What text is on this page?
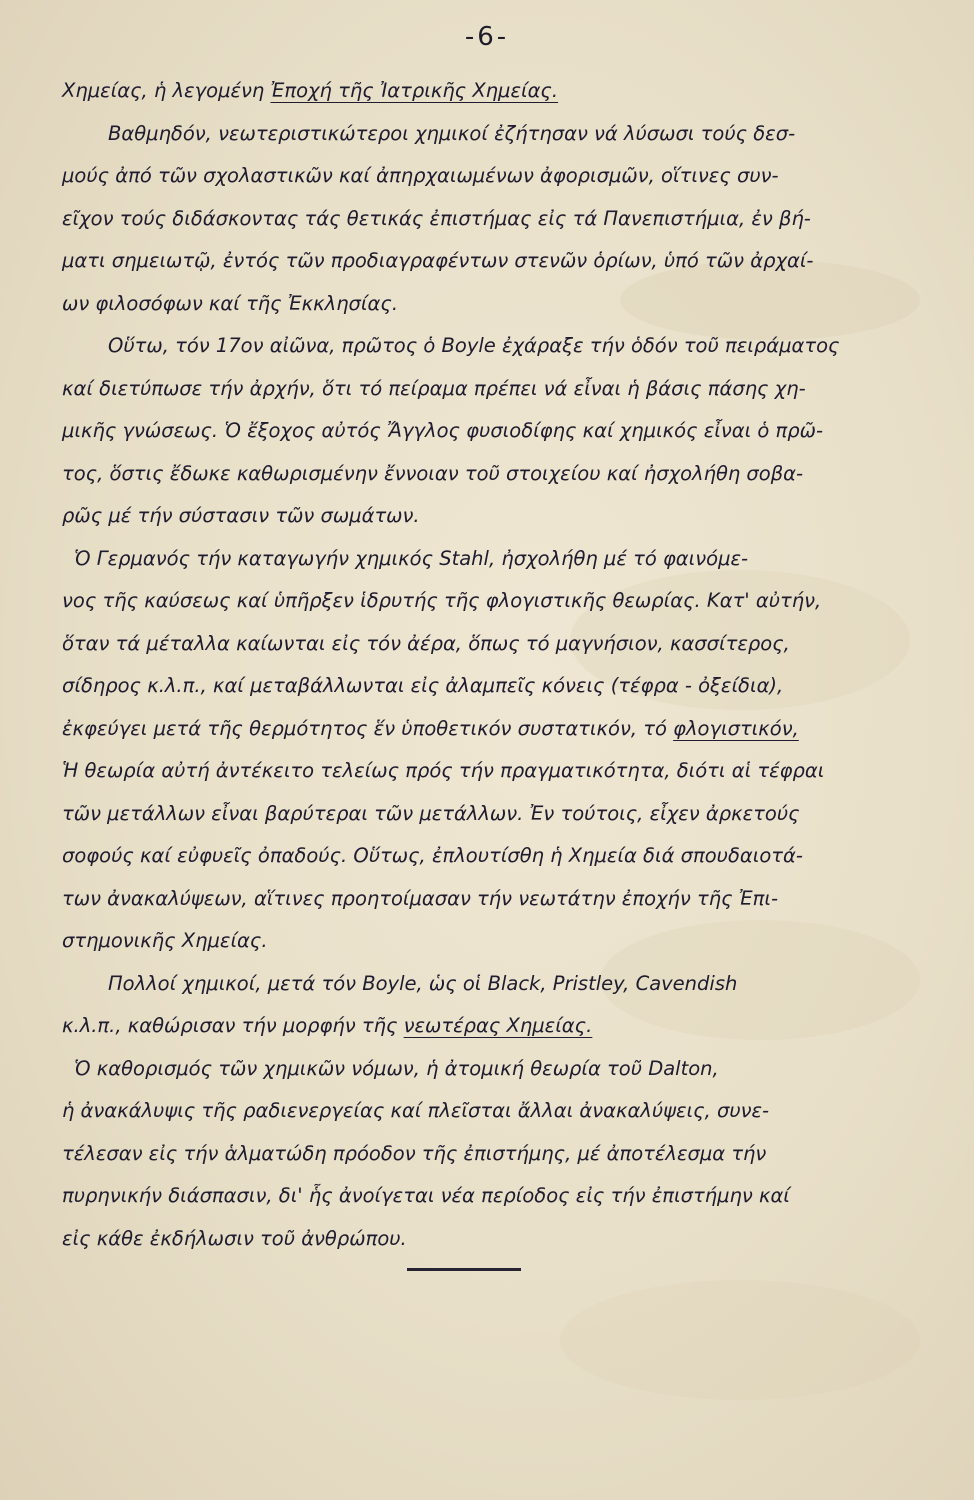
-6-
Χημείας, ἡ λεγομένη Ἐποχή τῆς Ἰατρικῆς Χημείας.
Βαθμηδόν, νεωτεριστικώτεροι χημικοί ἐζήτησαν νά λύσωσι τούς δεσ-
μούς ἀπό τῶν σχολαστικῶν καί ἀπηρχαιωμένων ἀφορισμῶν, οἵτινες συν-
εῖχον τούς διδάσκοντας τάς θετικάς ἐπιστήμας εἰς τά Πανεπιστήμια, ἐν βή-
ματι σημειωτῷ, ἐντός τῶν προδιαγραφέντων στενῶν ὁρίων, ὑπό τῶν ἀρχαί-
ων φιλοσόφων καί τῆς Ἐκκλησίας.
Οὕτω, τόν 17ον αἰῶνα, πρῶτος ὁ Boyle ἐχάραξε τήν ὁδόν τοῦ πειράματος
καί διετύπωσε τήν ἀρχήν, ὅτι τό πείραμα πρέπει νά εἶναι ἡ βάσις πάσης χη-
μικῆς γνώσεως. Ὁ ἔξοχος αὐτός Ἄγγλος φυσιοδίφης καί χημικός εἶναι ὁ πρῶ-
τος, ὅστις ἔδωκε καθωρισμένην ἔννοιαν τοῦ στοιχείου καί ἠσχολήθη σοβα-
ρῶς μέ τήν σύστασιν τῶν σωμάτων.
Ὁ Γερμανός τήν καταγωγήν χημικός Stahl, ἠσχολήθη μέ τό φαινόμε-
νος τῆς καύσεως καί ὑπῆρξεν ἱδρυτής τῆς φλογιστικῆς θεωρίας. Κατ' αὐτήν,
ὅταν τά μέταλλα καίωνται εἰς τόν ἀέρα, ὅπως τό μαγνήσιον, κασσίτερος,
σίδηρος κ.λ.π., καί μεταβάλλωνται εἰς ἀλαμπεῖς κόνεις (τέφρα - ὀξείδια),
ἐκφεύγει μετά τῆς θερμότητος ἕν ὑποθετικόν συστατικόν, τό φλογιστικόν,
Ἡ θεωρία αὐτή ἀντέκειτο τελείως πρός τήν πραγματικότητα, διότι αἱ τέφραι
τῶν μετάλλων εἶναι βαρύτεραι τῶν μετάλλων. Ἐν τούτοις, εἶχεν ἀρκετούς
σοφούς καί εὐφυεῖς ὀπαδούς. Οὕτως, ἐπλουτίσθη ἡ Χημεία διά σπουδαιοτά-
των ἀνακαλύψεων, αἵτινες προητοίμασαν τήν νεωτάτην ἐποχήν τῆς Ἐπι-
στημονικῆς Χημείας.
Πολλοί χημικοί, μετά τόν Boyle, ὡς οἱ Black, Pristley, Cavendish
κ.λ.π., καθώρισαν τήν μορφήν τῆς νεωτέρας Χημείας.
Ὁ καθορισμός τῶν χημικῶν νόμων, ἡ ἀτομική θεωρία τοῦ Dalton,
ἡ ἀνακάλυψις τῆς ραδιενεργείας καί πλεῖσται ἄλλαι ἀνακαλύψεις, συνε-
τέλεσαν εἰς τήν ἁλματώδη πρόοδον τῆς ἐπιστήμης, μέ ἀποτέλεσμα τήν
πυρηνικήν διάσπασιν, δι' ἧς ἀνοίγεται νέα περίοδος εἰς τήν ἐπιστήμην καί
εἰς κάθε ἐκδήλωσιν τοῦ ἀνθρώπου.
